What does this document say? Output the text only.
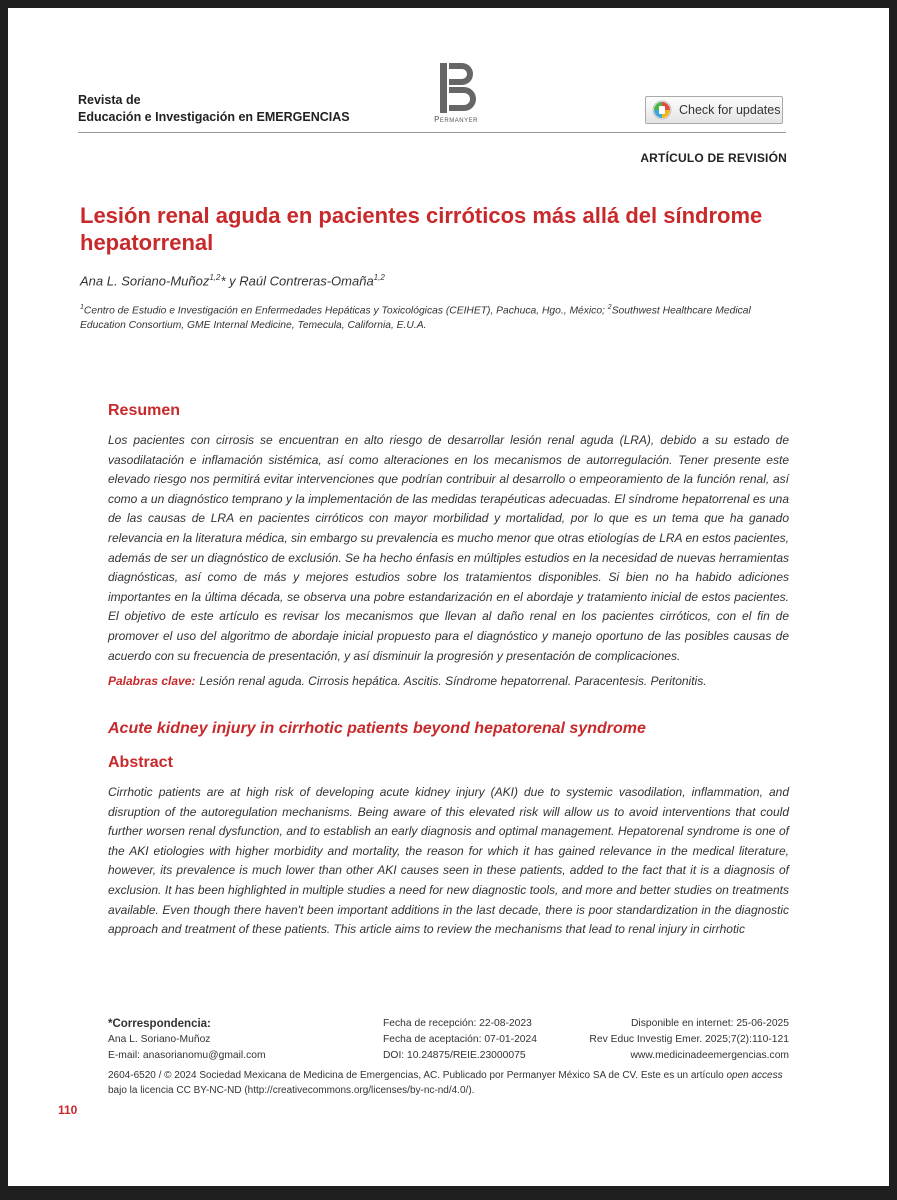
Revista de
Educación e Investigación en EMERGENCIAS	Permanyer
Check for updates
ARTÍCULO DE REVISIÓN
Lesión renal aguda en pacientes cirróticos más allá del síndrome hepatorrenal
Ana L. Soriano-Muñoz$^{1,2}$* y Raúl Contreras-Omaña$^{1,2}$
$^1$Centro de Estudio e Investigación en Enfermedades Hepáticas y Toxicológicas (CEIHET), Pachuca, Hgo., México; $^2$Southwest Healthcare Medical Education Consortium, GME Internal Medicine, Temecula, California, E.U.A.
Resumen

Los pacientes con cirrosis se encuentran en alto riesgo de desarrollar lesión renal aguda (LRA), debido a su estado de vasodilatación e inflamación sistémica, así como alteraciones en los mecanismos de autorregulación. Tener presente este elevado riesgo nos permitirá evitar intervenciones que podrían contribuir al desarrollo o empeoramiento de la función renal, así como a un diagnóstico temprano y la implementación de las medidas terapéuticas adecuadas. El síndrome hepatorrenal es una de las causas de LRA en pacientes cirróticos con mayor morbilidad y mortalidad, por lo que es un tema que ha ganado relevancia en la literatura médica, sin embargo su prevalencia es mucho menor que otras etiologías de LRA en estos pacientes, además de ser un diagnóstico de exclusión. Se ha hecho énfasis en múltiples estudios en la necesidad de nuevas herramientas diagnósticas, así como de más y mejores estudios sobre los tratamientos disponibles. Si bien no ha habido adiciones importantes en la última década, se observa una pobre estandarización en el abordaje y tratamiento inicial de estos pacientes. El objetivo de este artículo es revisar los mecanismos que llevan al daño renal en los pacientes cirróticos, con el fin de promover el uso del algoritmo de abordaje inicial propuesto para el diagnóstico y manejo oportuno de las posibles causas de acuerdo con su frecuencia de presentación, y así disminuir la progresión y presentación de complicaciones.

Palabras clave: Lesión renal aguda. Cirrosis hepática. Ascitis. Síndrome hepatorrenal. Paracentesis. Peritonitis.
Acute kidney injury in cirrhotic patients beyond hepatorenal syndrome
Abstract

Cirrhotic patients are at high risk of developing acute kidney injury (AKI) due to systemic vasodilation, inflammation, and disruption of the autoregulation mechanisms. Being aware of this elevated risk will allow us to avoid interventions that could further worsen renal dysfunction, and to establish an early diagnosis and optimal management. Hepatorenal syndrome is one of the AKI etiologies with higher morbidity and mortality, the reason for which it has gained relevance in the medical literature, however, its prevalence is much lower than other AKI causes seen in these patients, added to the fact that it is a diagnosis of exclusion. It has been highlighted in multiple studies a need for new diagnostic tools, and more and better studies on treatments available. Even though there haven't been important additions in the last decade, there is poor standardization in the diagnostic approach and treatment of these patients. This article aims to review the mechanisms that lead to renal injury in cirrhotic

*Correspondencia:	Fecha de recepción: 22-08-2023	Disponible en internet: 25-06-2025
Ana L. Soriano-Muñoz	Fecha de aceptación: 07-01-2024	Rev Educ Investig Emer. 2025;7(2):110-121
E-mail: anasorianomu@gmail.com	DOI: 10.24875/REIE.23000075	www.medicinadeemergencias.com
2604-6520 / © 2024 Sociedad Mexicana de Medicina de Emergencias, AC. Publicado por Permanyer México SA de CV. Este es un artículo open access
bajo la licencia CC BY-NC-ND (http://creativecommons.org/licenses/by-nc-nd/4.0/).
110
